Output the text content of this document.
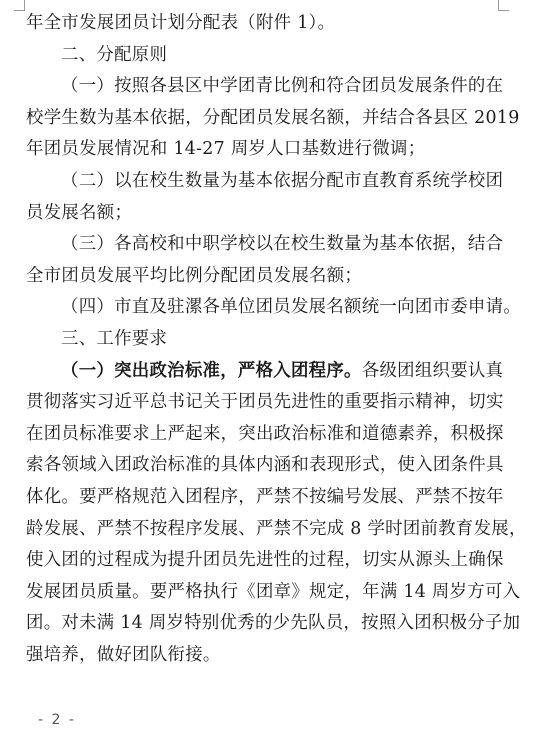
年全市发展团员计划分配表（附件 1）。
二、分配原则
（一）按照各县区中学团青比例和符合团员发展条件的在
校学生数为基本依据，分配团员发展名额，并结合各县区 2019
年团员发展情况和 14-27 周岁人口基数进行微调；
（二）以在校生数量为基本依据分配市直教育系统学校团
员发展名额；
（三）各高校和中职学校以在校生数量为基本依据，结合
全市团员发展平均比例分配团员发展名额；
（四）市直及驻漯各单位团员发展名额统一向团市委申请。
三、工作要求
（一）突出政治标准，严格入团程序。各级团组织要认真
贯彻落实习近平总书记关于团员先进性的重要指示精神，切实
在团员标准要求上严起来，突出政治标准和道德素养，积极探
索各领域入团政治标准的具体内涵和表现形式，使入团条件具
体化。要严格规范入团程序，严禁不按编号发展、严禁不按年
龄发展、严禁不按程序发展、严禁不完成 8 学时团前教育发展，
使入团的过程成为提升团员先进性的过程，切实从源头上确保
发展团员质量。要严格执行《团章》规定，年满 14 周岁方可入
团。对未满 14 周岁特别优秀的少先队员，按照入团积极分子加
强培养，做好团队衔接。
- 2 -
